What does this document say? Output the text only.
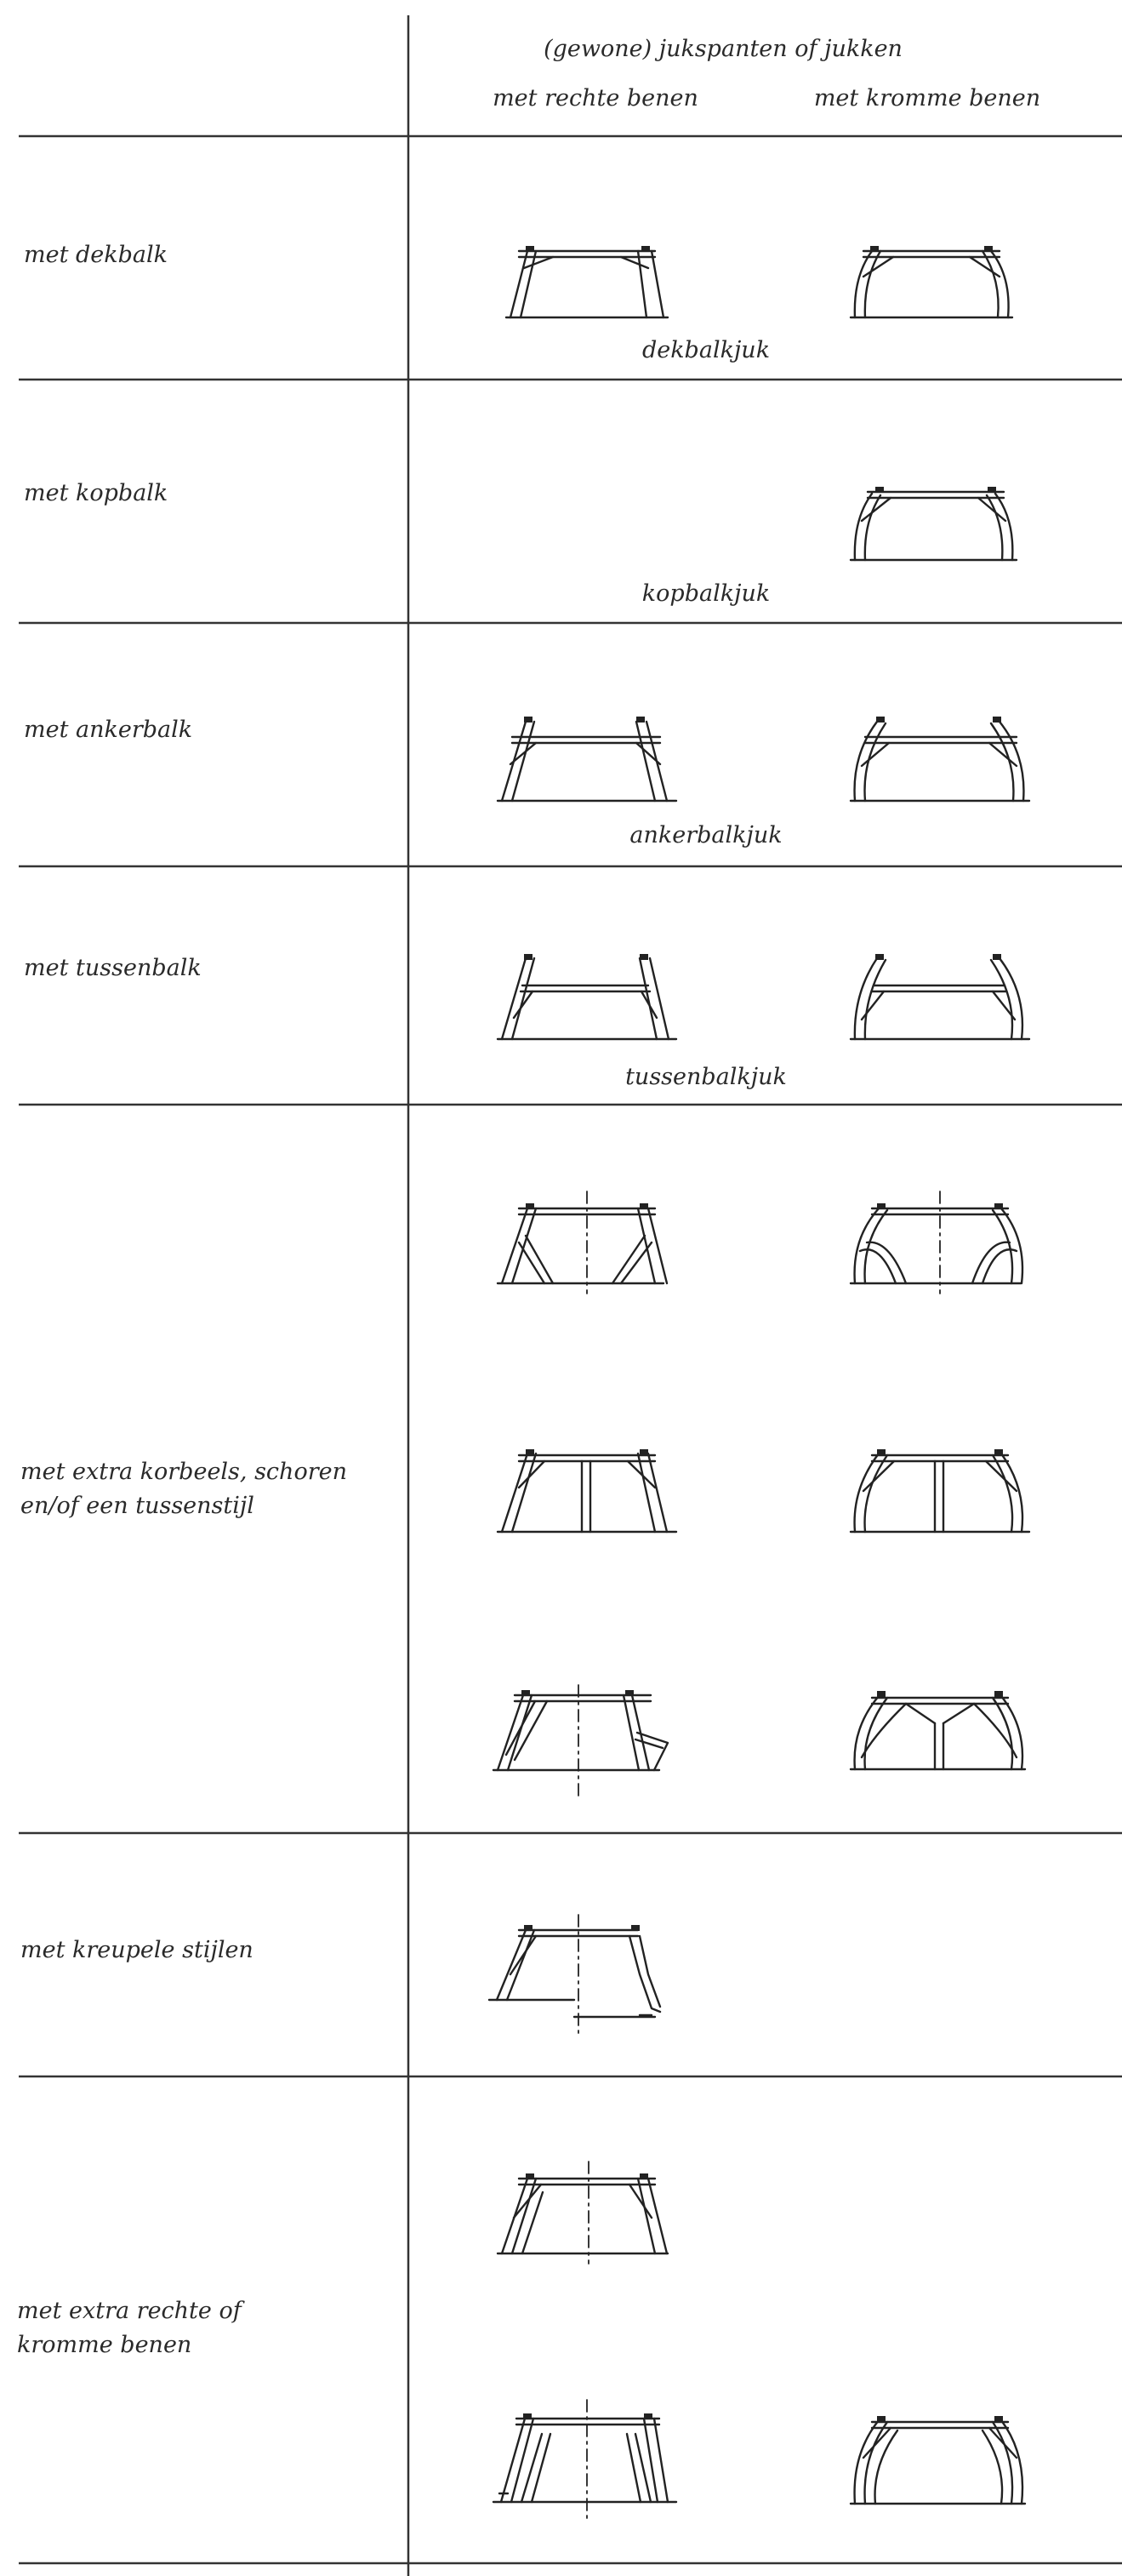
(gewone) jukspanten of jukken
met rechte benen	met kromme benen
met dekbalk
met kopbalk
met ankerbalk
met tussenbalk
met extra korbeels, schoren en/of een tussenstijl
met kreupele stijlen
met extra rechte of kromme benen
dekbalkjuk
kopbalkjuk
ankerbalkjuk
tussenbalkjuk
